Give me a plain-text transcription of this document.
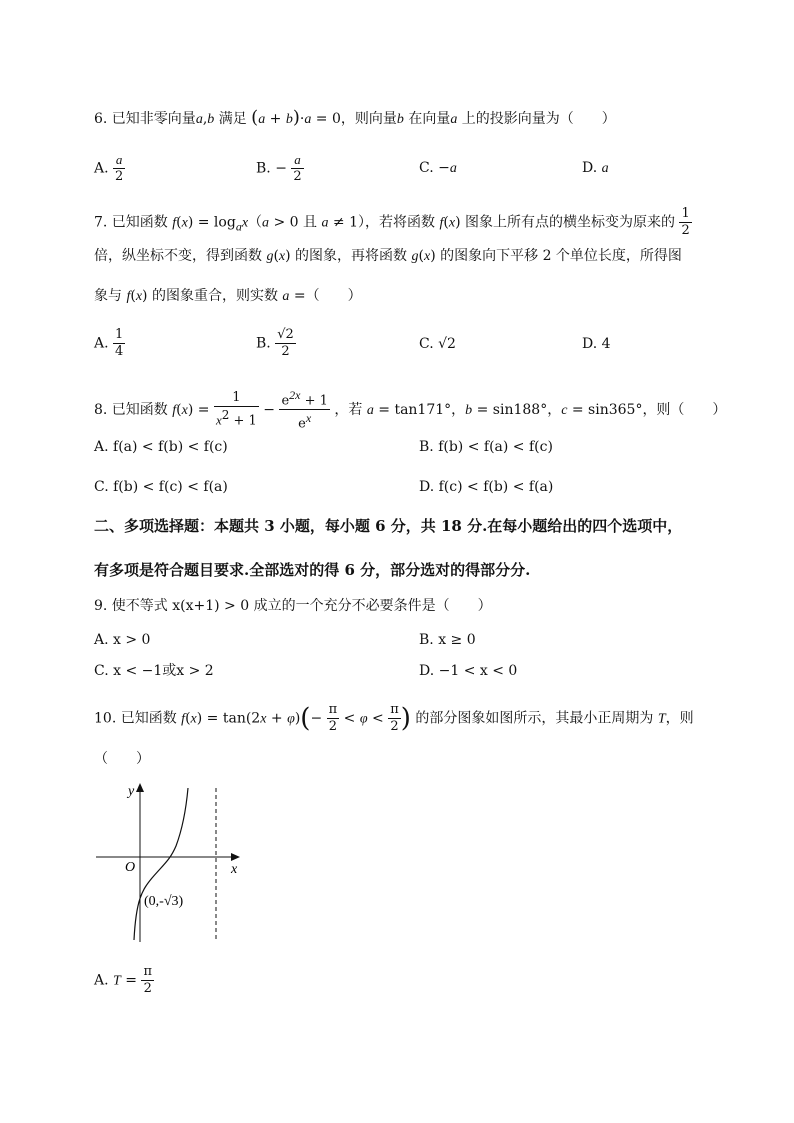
6. 已知非零向量a,b 满足 (a + b)·a = 0，则向量b 在向量a 上的投影向量为（　　）
A. $\frac{a}{2}$	B. − $\frac{a}{2}$	C. −a	D. a
7. 已知函数 $f(x) = \log_ax(a > 0$ 且 a ≠ 1），若将函数 f(x) 图象上所有点的横坐标变为原来的 $\frac{1}{2}$
倍，纵坐标不变，得到函数 g(x) 的图象，再将函数 g(x) 的图象向下平移 2 个单位长度，所得图
象与 f(x) 的图象重合，则实数 a =（　　）
A. $\frac{1}{4}$	B. $\frac{√2}{2}$	C. √2	D. 4
8. 已知函数 $f(x) = \frac{1}{x^2 + 1} - \frac{e^{2x} + 1}{e^x}$ ，若 a = tan171°，b = sin188°，c = sin365°，则（　　）
A. f(a) < f(b) < f(c)	B. f(b) < f(a) < f(c)
C. f(b) < f(c) < f(a)	D. f(c) < f(b) < f(a)
二、多项选择题：本题共 3 小题，每小题 6 分，共 18 分.在每小题给出的四个选项中，
有多项是符合题目要求.全部选对的得 6 分，部分选对的得部分分.
9. 使不等式 x(x+1) > 0 成立的一个充分不必要条件是（　　）
A. x > 0	B. x ≥ 0
C. x < −1或x > 2	D. −1 < x < 0
10. 已知函数 $f(x) = \tan(2x + \varphi)(- \frac{\pi}{2} < \varphi < \frac{\pi}{2}$ ) 的部分图象如图所示，其最小正周期为 T，则
（　　）
y
x
O
(0,-√3)
A. $T = \frac{\pi}{2}$
